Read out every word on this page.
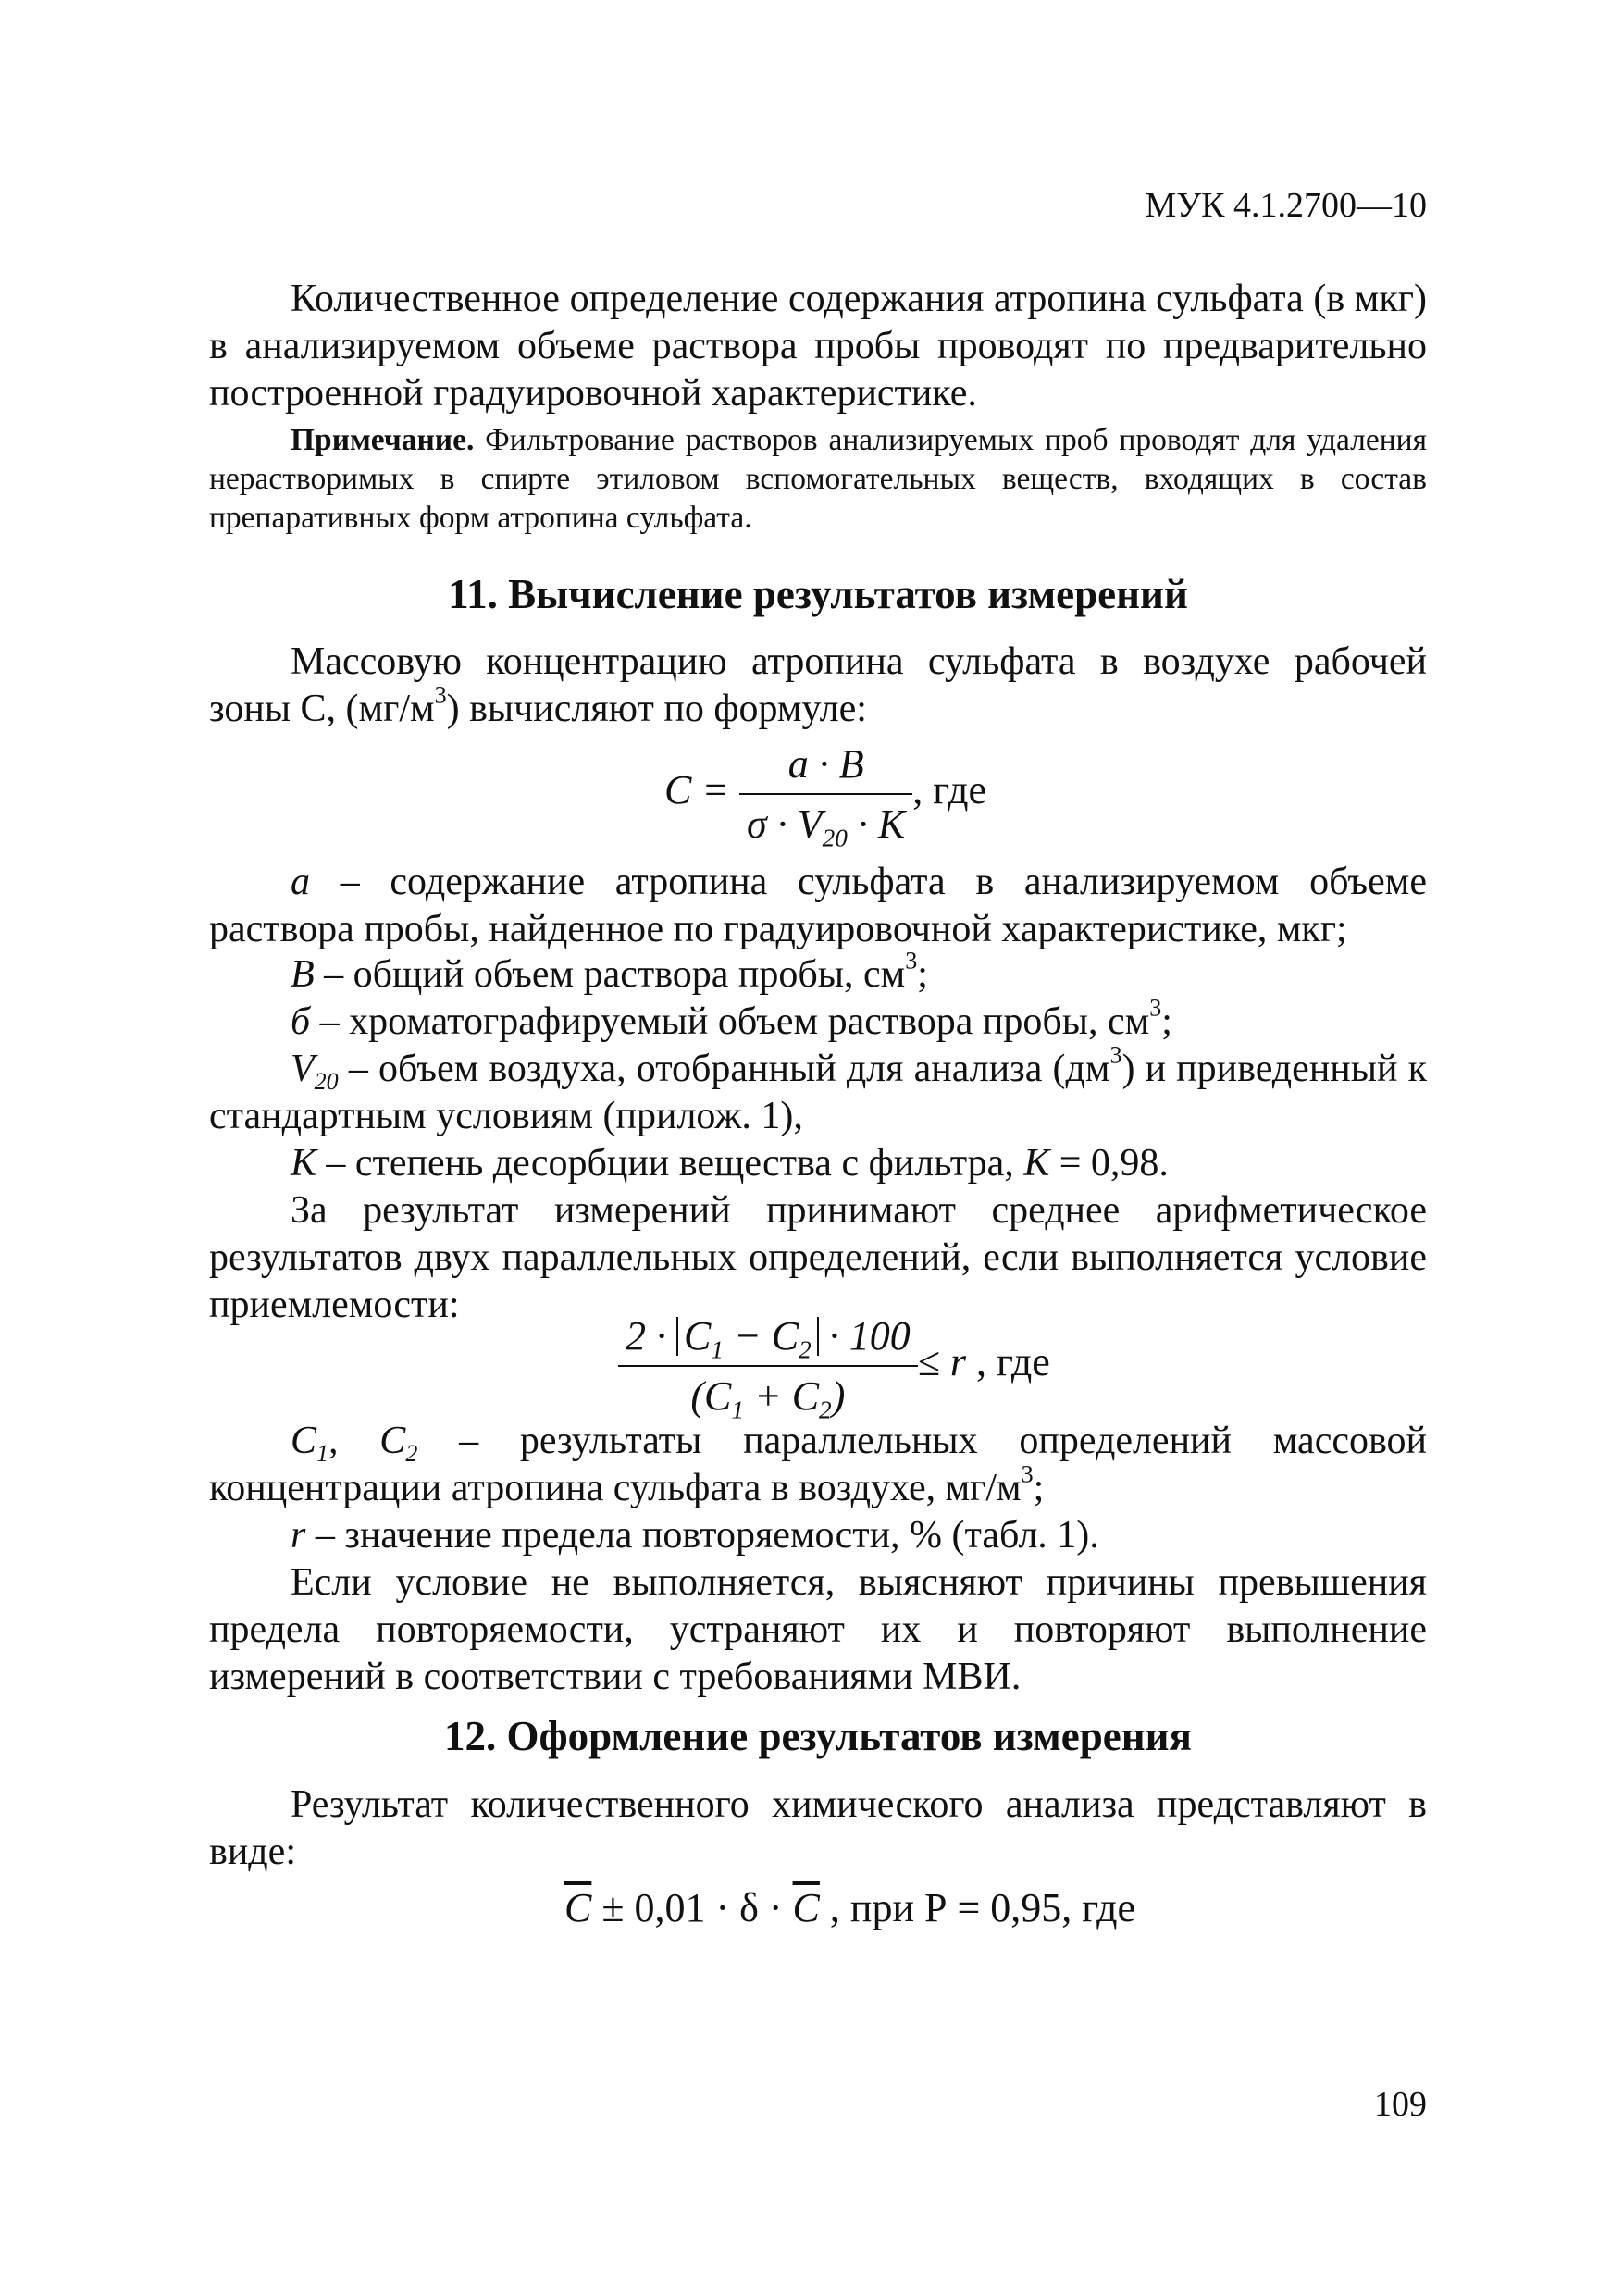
МУК 4.1.2700—10
Количественное определение содержания атропина сульфата (в мкг) в анализируемом объеме раствора пробы проводят по предварительно построенной градуировочной характеристике.
Примечание. Фильтрование растворов анализируемых проб проводят для удаления нерастворимых в спирте этиловом вспомогательных веществ, входящих в состав препаративных форм атропина сульфата.
11. Вычисление результатов измерений
Массовую концентрацию атропина сульфата в воздухе рабочей зоны С, $(мг/м^3)$ вычисляют по формуле:
$C = \frac{a \cdot B}{\sigma \cdot V_{20} \cdot K}$ , где
a – содержание атропина сульфата в анализируемом объеме раствора пробы, найденное по градуировочной характеристике, мкг;
B – общий объем раствора пробы, $см^3$;
б – хроматографируемый объем раствора пробы, $см^3$;
$V_{20}$ – объем воздуха, отобранный для анализа $(дм^3)$ и приведенный к стандартным условиям (прилож. 1),
К – степень десорбции вещества с фильтра, К = 0,98.
За результат измерений принимают среднее арифметическое результатов двух параллельных определений, если выполняется условие приемлемости:
$\frac{2 \cdot C_1 - C_2 \cdot 100}{(C_1 + C_2)} \le r$ , где
$C_1$, $C_2$ – результаты параллельных определений массовой концентрации атропина сульфата в воздухе, $мг/м^3$;
r – значение предела повторяемости, % (табл. 1).
Если условие не выполняется, выясняют причины превышения предела повторяемости, устраняют их и повторяют выполнение измерений в соответствии с требованиями МВИ.
12. Оформление результатов измерения
Результат количественного химического анализа представляют в виде:
$\overline{C} \pm 0,01 \cdot \delta \cdot \overline{C}$ , при Р = 0,95, где
109
